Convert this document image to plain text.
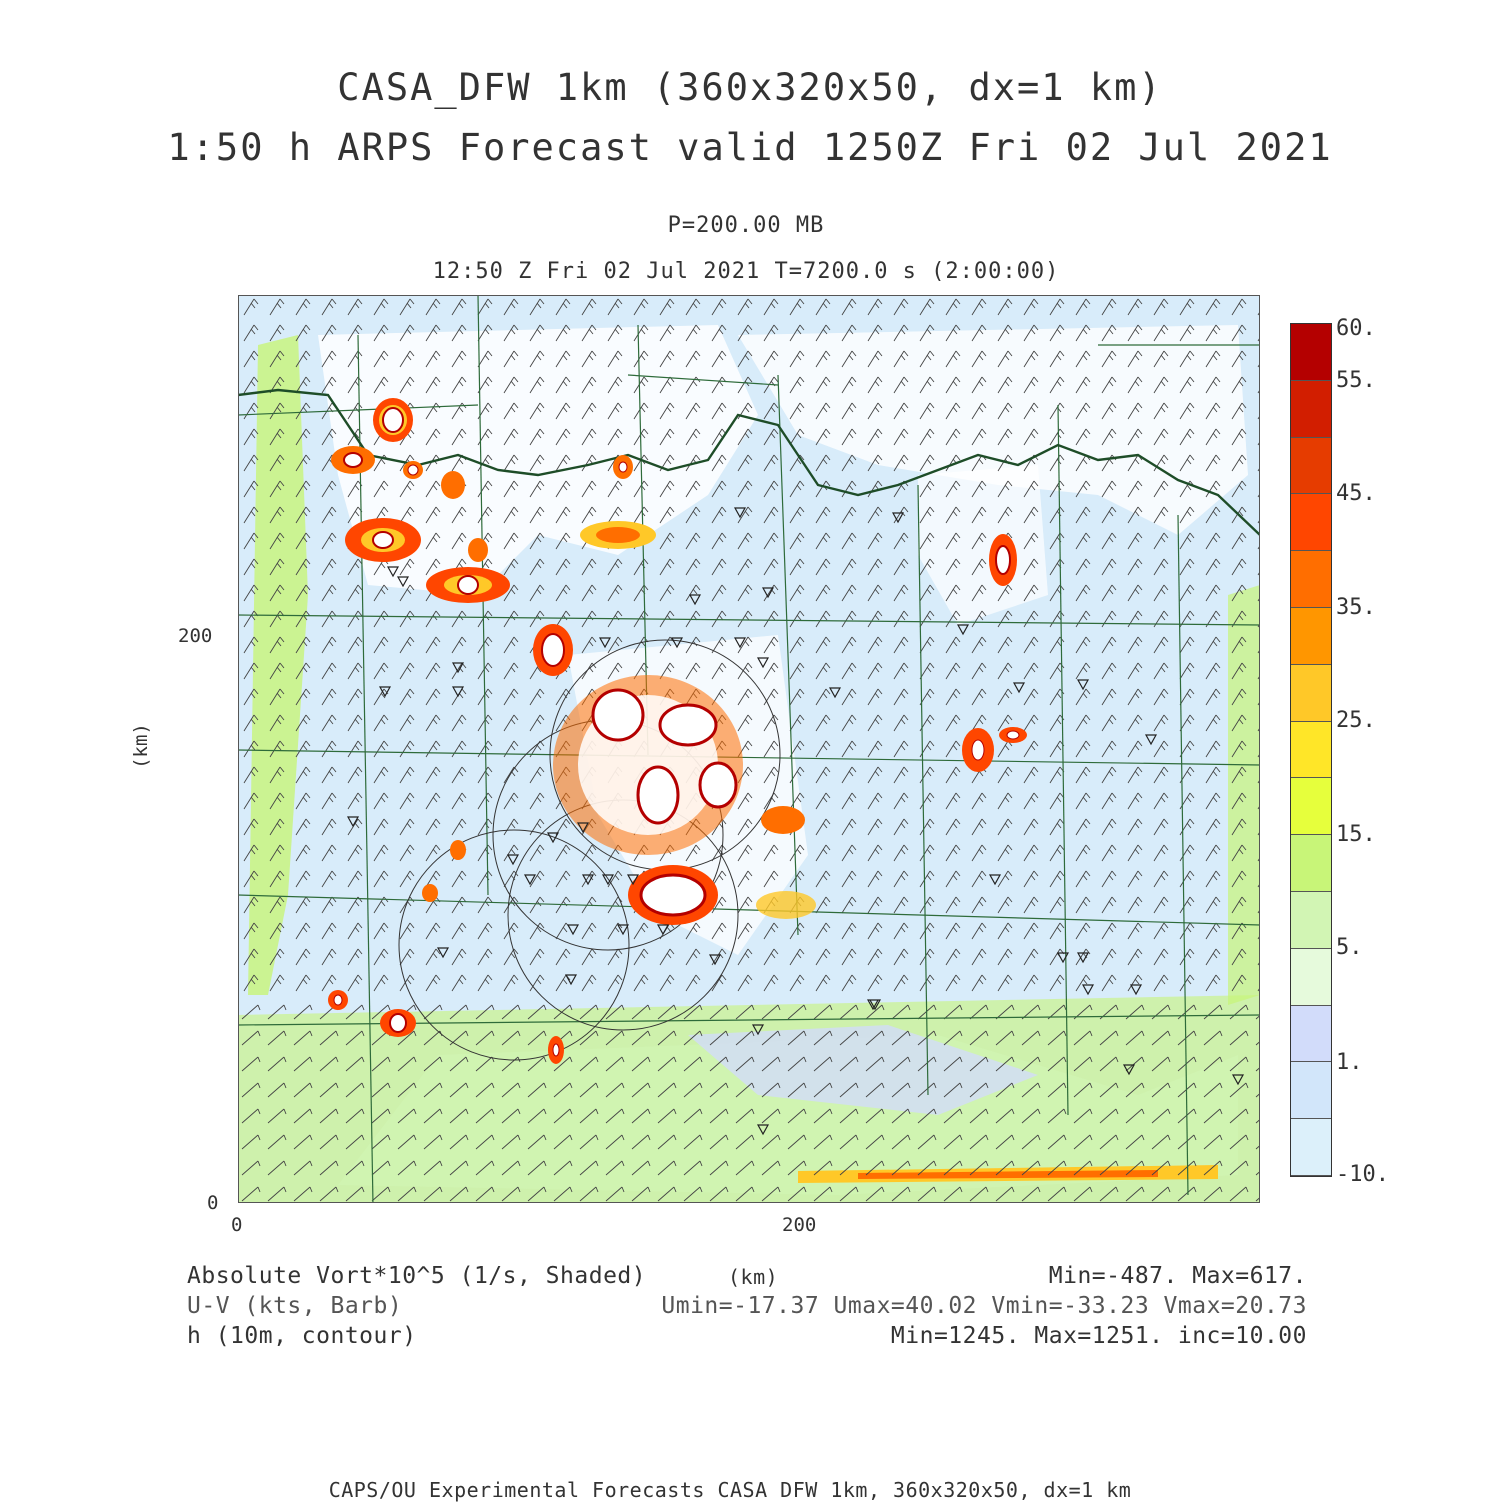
CASA_DFW 1km (360x320x50, dx=1 km)
1:50 h ARPS Forecast valid 1250Z Fri 02 Jul 2021
P=200.00 MB
12:50 Z Fri 02 Jul 2021 T=7200.0 s (2:00:00)
(km)
200
0
0	200
60.
55.
45.
35.
25.
15.
5.
1.
-10.
Absolute Vort*10^5 (1/s, Shaded)	(km)	Min=-487. Max=617.
U-V (kts, Barb)	Umin=-17.37 Umax=40.02 Vmin=-33.23 Vmax=20.73
h (10m, contour)	Min=1245. Max=1251. inc=10.00
CAPS/OU Experimental Forecasts CASA DFW 1km, 360x320x50, dx=1 km
